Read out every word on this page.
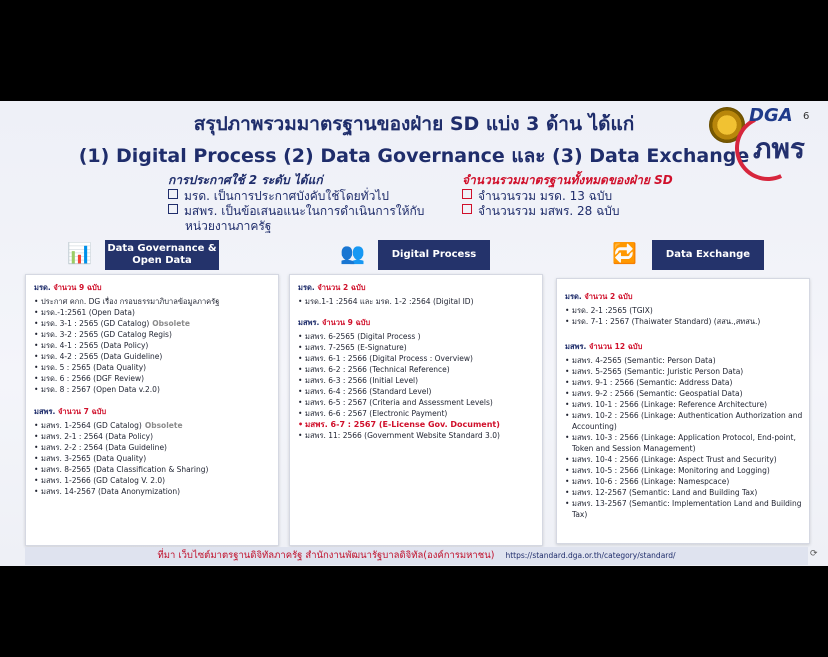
สรุปภาพรวมมาตรฐานของฝ่าย SD แบ่ง 3 ด้าน ได้แก่
(1) Digital Process (2) Data Governance และ (3) Data Exchange
6
DGA
ภพร
การประกาศใช้ 2 ระดับ ได้แก่
มรด. เป็นการประกาศบังคับใช้โดยทั่วไป
มสพร. เป็นข้อเสนอแนะในการดำเนินการให้กับ
หน่วยงานภาครัฐ
จำนวนรวมมาตรฐานทั้งหมดของฝ่าย SD
จำนวนรวม มรด. 13 ฉบับ
จำนวนรวม มสพร. 28 ฉบับ
📊 Data Governance & Open Data	👥	Digital Process	🔁	Data Exchange
มรด. จำนวน 9 ฉบับ
• ประกาศ คกก. DG เรื่อง กรอบธรรมาภิบาลข้อมูลภาครัฐ
• มรด.-1:2561 (Open Data)
• มรด. 3-1 : 2565 (GD Catalog) Obsolete
• มรด. 3-2 : 2565 (GD Catalog Regis)
• มรด. 4-1 : 2565 (Data Policy)
• มรด. 4-2 : 2565 (Data Guideline)
• มรด. 5 : 2565 (Data Quality)
• มรด. 6 : 2566 (DGF Review)
• มรด. 8 : 2567 (Open Data v.2.0)
มสพร. จำนวน 7 ฉบับ
• มสพร. 1-2564 (GD Catalog) Obsolete
• มสพร. 2-1 : 2564 (Data Policy)
• มสพร. 2-2 : 2564 (Data Guideline)
• มสพร. 3-2565 (Data Quality)
• มสพร. 8-2565 (Data Classification & Sharing)
• มสพร. 1-2566 (GD Catalog V. 2.0)
• มสพร. 14-2567 (Data Anonymization)
มรด. จำนวน 2 ฉบับ
• มรด.1-1 :2564 และ มรด. 1-2 :2564 (Digital ID)
มสพร. จำนวน 9 ฉบับ
• มสพร. 6-2565 (Digital Process )
• มสพร. 7-2565 (E-Signature)
• มสพร. 6-1 : 2566 (Digital Process : Overview)
• มสพร. 6-2 : 2566 (Technical Reference)
• มสพร. 6-3 : 2566 (Initial Level)
• มสพร. 6-4 : 2566 (Standard Level)
• มสพร. 6-5 : 2567 (Criteria and Assessment Levels)
• มสพร. 6-6 : 2567 (Electronic Payment)
• มสพร. 6-7 : 2567 (E-License Gov. Document)
• มสพร. 11: 2566 (Government Website Standard 3.0)
มรด. จำนวน 2 ฉบับ
• มรด. 2-1 :2565 (TGIX)
• มรด. 7-1 : 2567 (Thaiwater Standard) (สสน.,สทสน.)
มสพร. จำนวน 12 ฉบับ
• มสพร. 4-2565 (Semantic: Person Data)
• มสพร. 5-2565 (Semantic: Juristic Person Data)
• มสพร. 9-1 : 2566 (Semantic: Address Data)
• มสพร. 9-2 : 2566 (Semantic: Geospatial Data)
• มสพร. 10-1 : 2566 (Linkage: Reference Architecture)
• มสพร. 10-2 : 2566 (Linkage: Authentication Authorization and Accounting)
• มสพร. 10-3 : 2566 (Linkage: Application Protocol, End-point, Token and Session Management)
• มสพร. 10-4 : 2566 (Linkage: Aspect Trust and Security)
• มสพร. 10-5 : 2566 (Linkage: Monitoring and Logging)
• มสพร. 10-6 : 2566 (Linkage: Namespcace)
• มสพร. 12-2567 (Semantic: Land and Building Tax)
• มสพร. 13-2567 (Semantic: Implementation Land and Building Tax)
ที่มา เว็บไซต์มาตรฐานดิจิทัลภาครัฐ สำนักงานพัฒนารัฐบาลดิจิทัล(องค์การมหาชน) https://standard.dga.or.th/category/standard/	⟳
